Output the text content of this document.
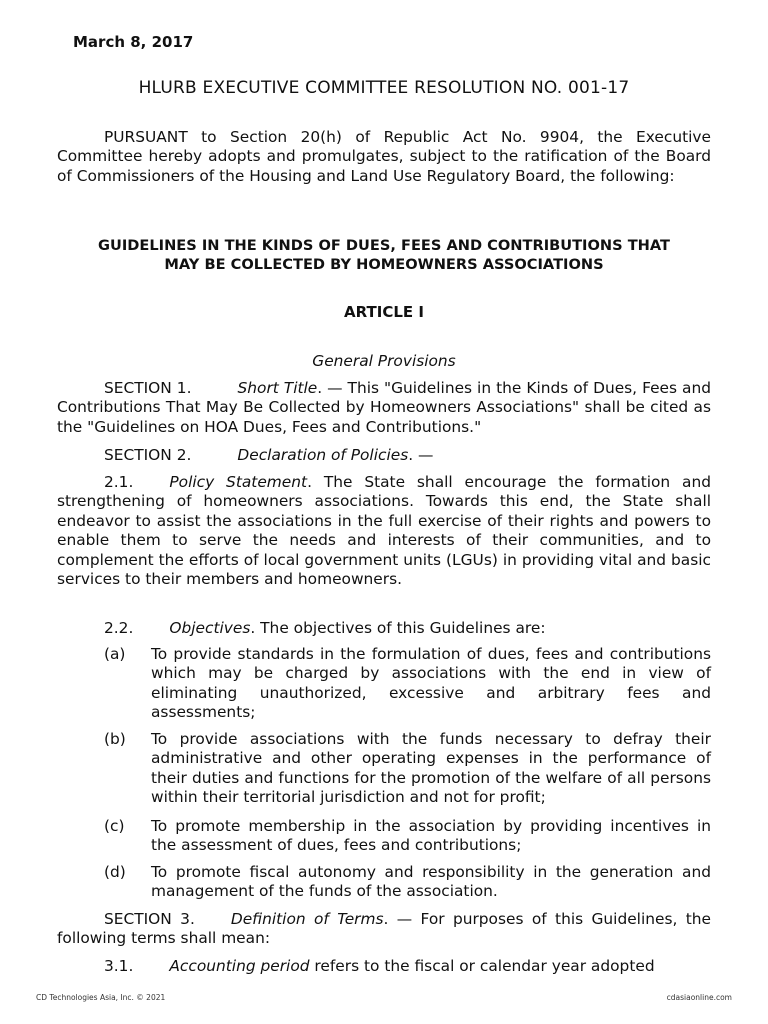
March 8, 2017
HLURB EXECUTIVE COMMITTEE RESOLUTION NO. 001-17

PURSUANT to Section 20(h) of Republic Act No. 9904, the Executive Committee hereby adopts and promulgates, subject to the ratification of the Board of Commissioners of the Housing and Land Use Regulatory Board, the following:

GUIDELINES IN THE KINDS OF DUES, FEES AND CONTRIBUTIONS THAT
MAY BE COLLECTED BY HOMEOWNERS ASSOCIATIONS
ARTICLE I
General Provisions

SECTION 1.	Short Title. — This "Guidelines in the Kinds of Dues, Fees and Contributions That May Be Collected by Homeowners Associations" shall be cited as the "Guidelines on HOA Dues, Fees and Contributions."

SECTION 2.	Declaration of Policies. —

2.1. Policy Statement. The State shall encourage the formation and strengthening of homeowners associations. Towards this end, the State shall endeavor to assist the associations in the full exercise of their rights and powers to enable them to serve the needs and interests of their communities, and to complement the efforts of local government units (LGUs) in providing vital and basic services to their members and homeowners.

2.2. Objectives. The objectives of this Guidelines are:

(a) To provide standards in the formulation of dues, fees and contributions which may be charged by associations with the end in view of eliminating unauthorized, excessive and arbitrary fees and assessments;
(b) To provide associations with the funds necessary to defray their administrative and other operating expenses in the performance of their duties and functions for the promotion of the welfare of all persons within their territorial jurisdiction and not for profit;
(c) To promote membership in the association by providing incentives in the assessment of dues, fees and contributions;
(d) To promote fiscal autonomy and responsibility in the generation and management of the funds of the association.

SECTION 3. Definition of Terms. — For purposes of this Guidelines, the following terms shall mean:

3.1. Accounting period refers to the fiscal or calendar year adopted

CD Technologies Asia, Inc. © 2021	cdasiaonline.com
